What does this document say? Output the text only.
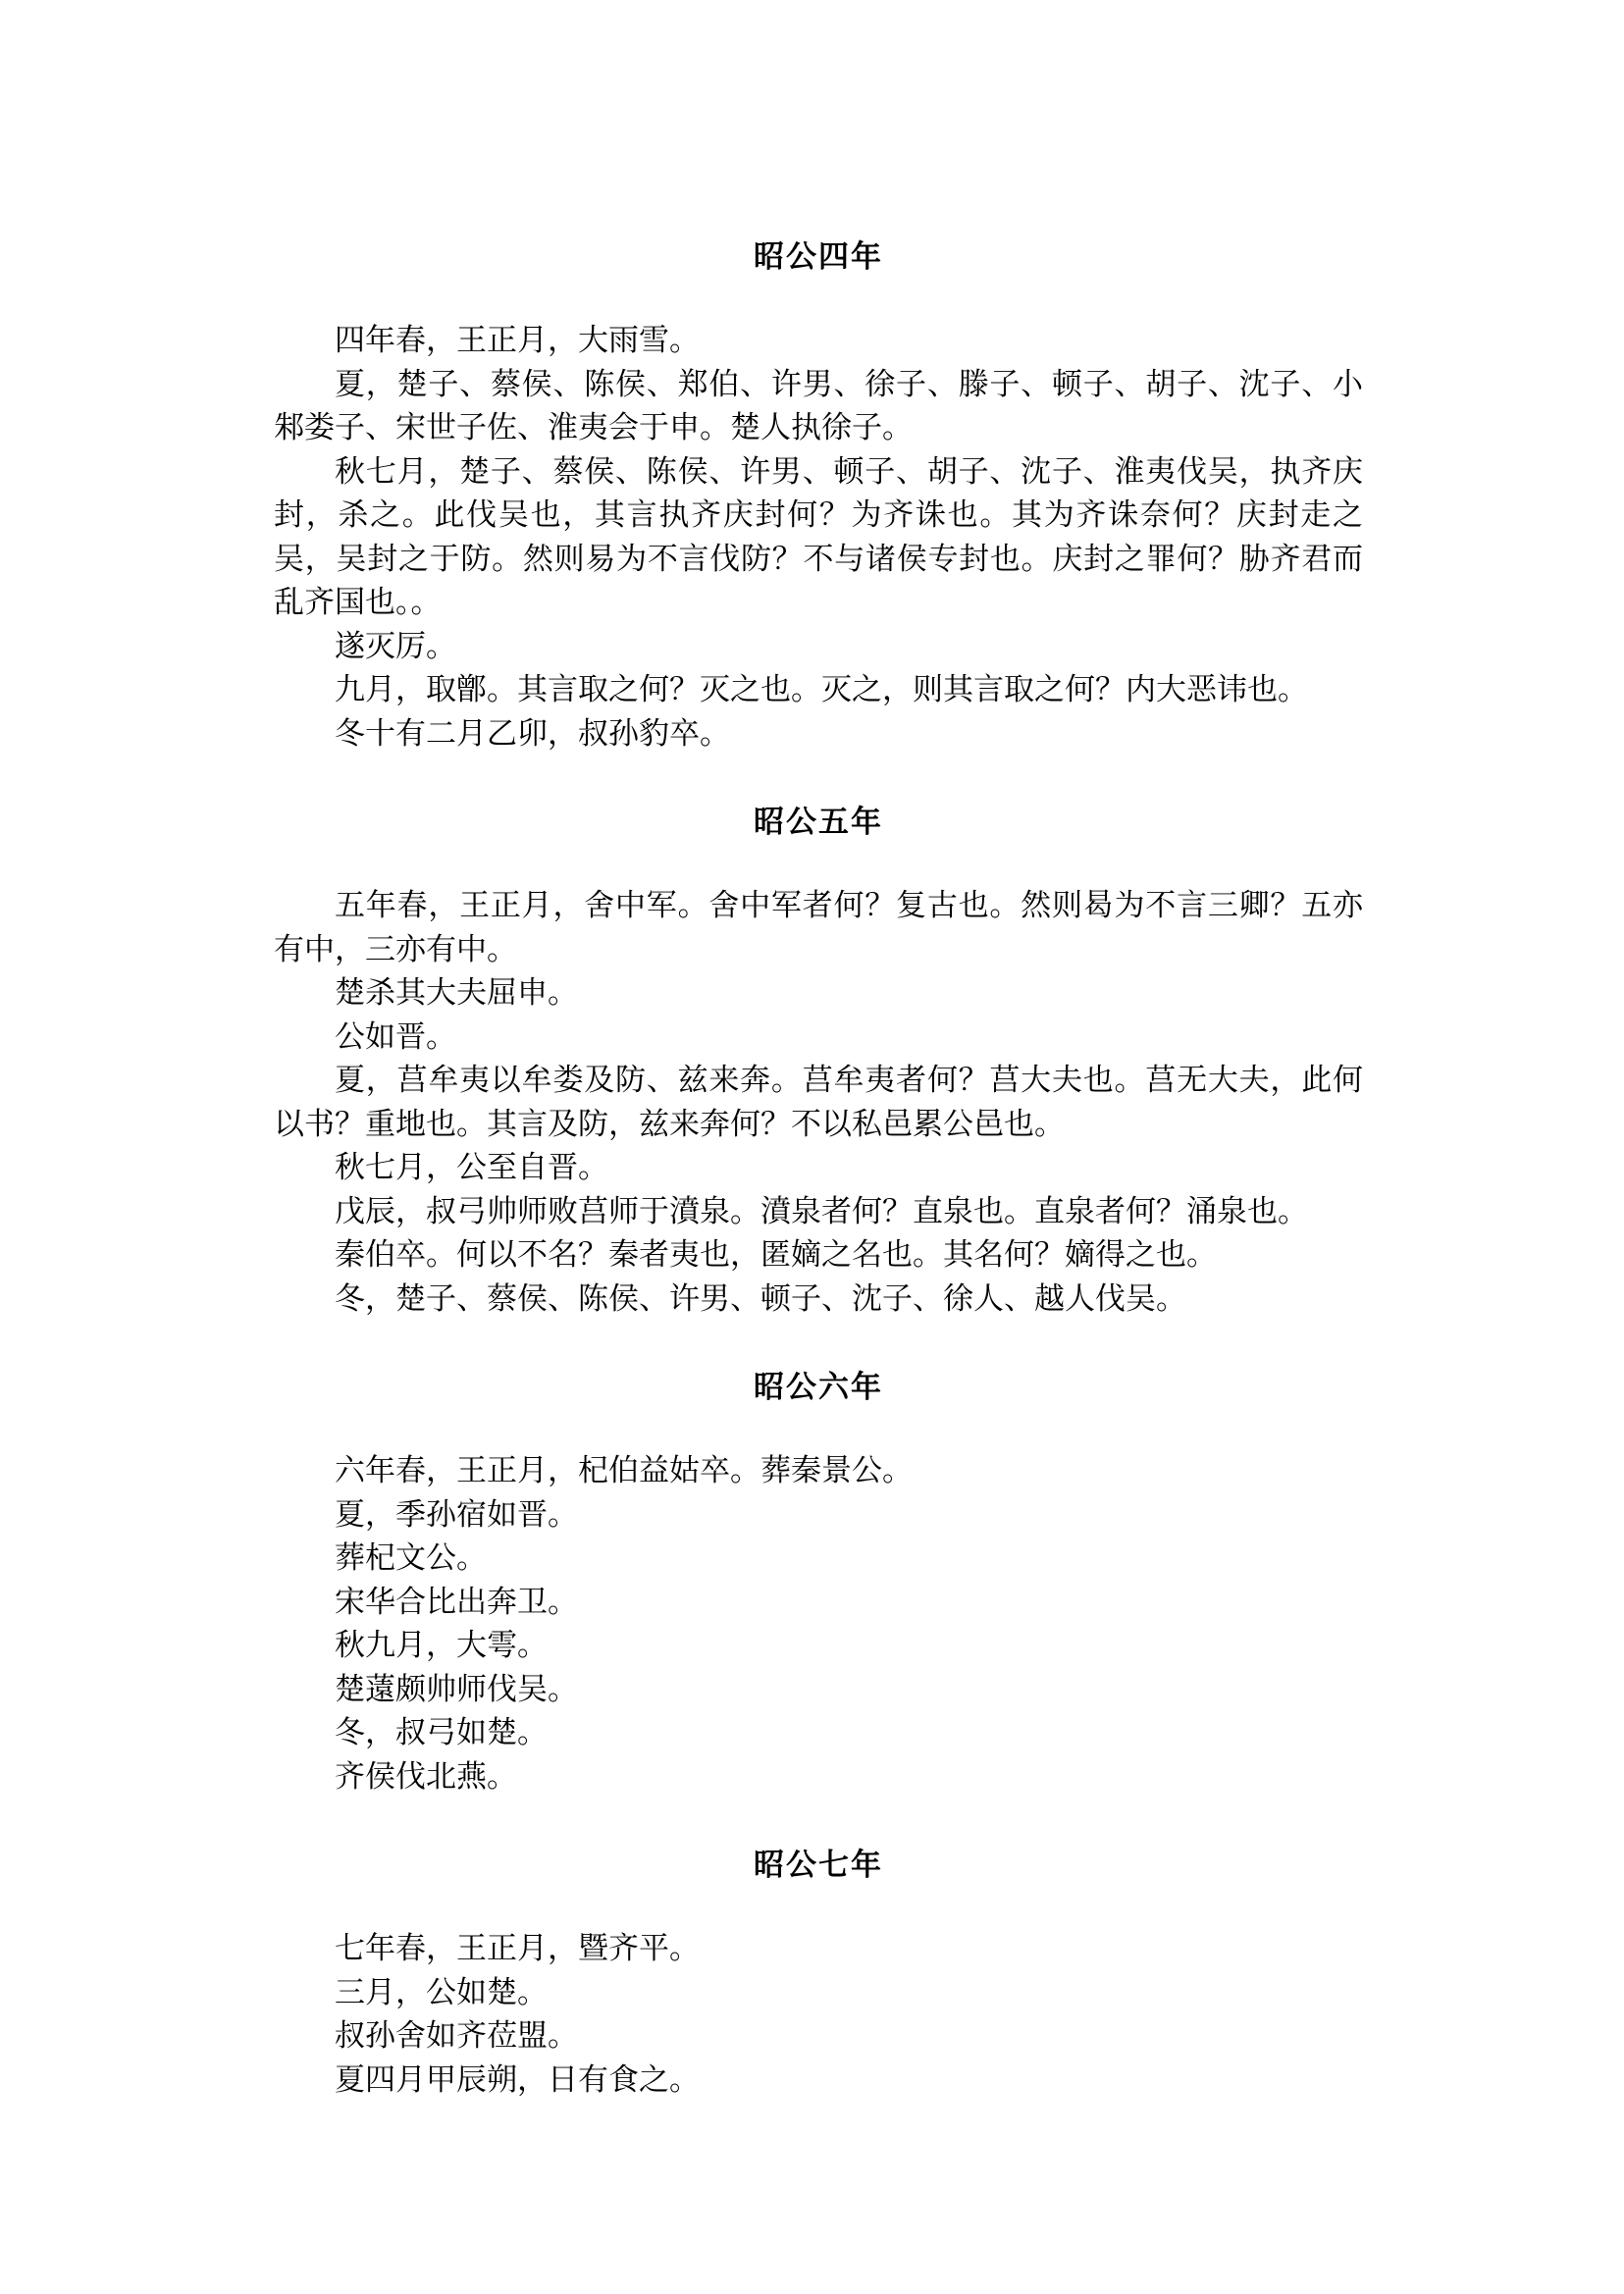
昭公四年

四年春，王正月，大雨雪。

夏，楚子、蔡侯、陈侯、郑伯、许男、徐子、滕子、顿子、胡子、沈子、小邾娄子、宋世子佐、淮夷会于申。楚人执徐子。

秋七月，楚子、蔡侯、陈侯、许男、顿子、胡子、沈子、淮夷伐吴，执齐庆封，杀之。此伐吴也，其言执齐庆封何？为齐诛也。其为齐诛奈何？庆封走之吴，吴封之于防。然则易为不言伐防？不与诸侯专封也。庆封之罪何？胁齐君而乱齐国也。。

遂灭厉。

九月，取鄫。其言取之何？灭之也。灭之，则其言取之何？内大恶讳也。

冬十有二月乙卯，叔孙豹卒。

昭公五年

五年春，王正月，舍中军。舍中军者何？复古也。然则曷为不言三卿？五亦有中，三亦有中。

楚杀其大夫屈申。

公如晋。

夏，莒牟夷以牟娄及防、兹来奔。莒牟夷者何？莒大夫也。莒无大夫，此何以书？重地也。其言及防，兹来奔何？不以私邑累公邑也。

秋七月，公至自晋。

戊辰，叔弓帅师败莒师于濆泉。濆泉者何？直泉也。直泉者何？涌泉也。

秦伯卒。何以不名？秦者夷也，匿嫡之名也。其名何？嫡得之也。

冬，楚子、蔡侯、陈侯、许男、顿子、沈子、徐人、越人伐吴。

昭公六年

六年春，王正月，杞伯益姑卒。葬秦景公。

夏，季孙宿如晋。

葬杞文公。

宋华合比出奔卫。

秋九月，大雩。

楚薳颇帅师伐吴。

冬，叔弓如楚。

齐侯伐北燕。

昭公七年

七年春，王正月，暨齐平。

三月，公如楚。

叔孙舍如齐莅盟。

夏四月甲辰朔，日有食之。
